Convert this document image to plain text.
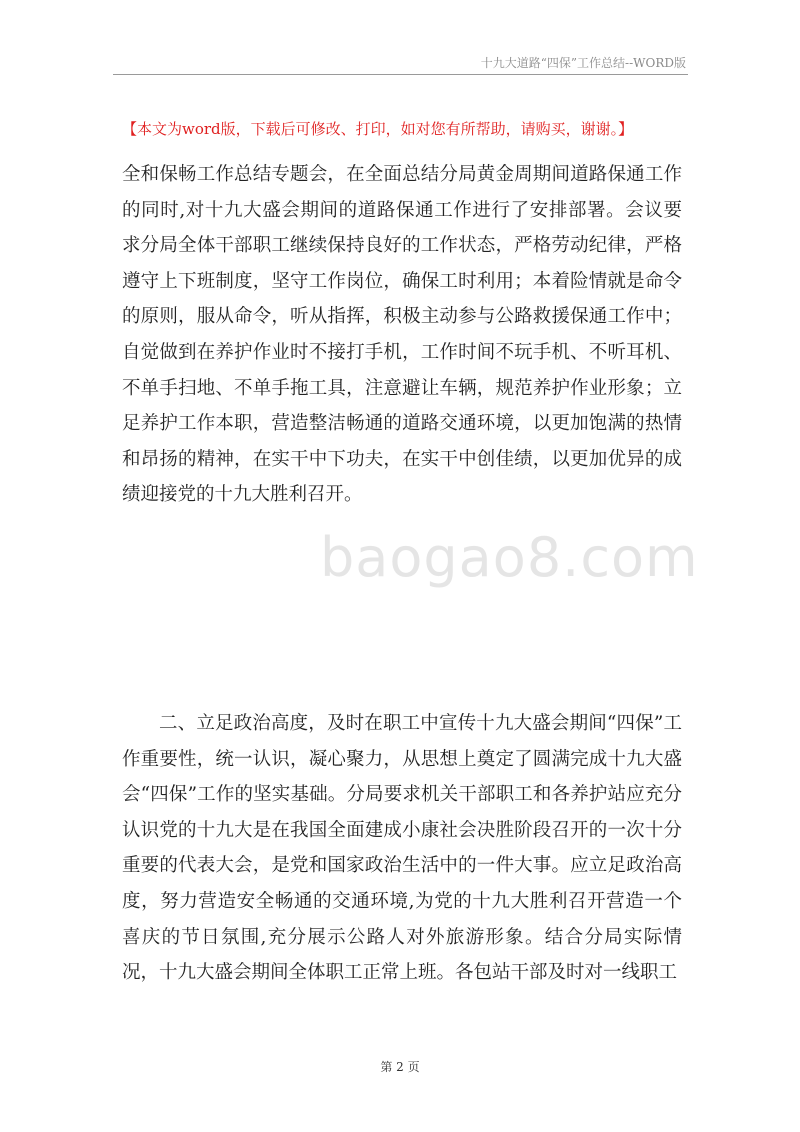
十九大道路“四保”工作总结--WORD版
【本文为word版，下载后可修改、打印，如对您有所帮助，请购买，谢谢。】

全和保畅工作总结专题会，在全面总结分局黄金周期间道路保通工作的同时,对十九大盛会期间的道路保通工作进行了安排部署。会议要求分局全体干部职工继续保持良好的工作状态，严格劳动纪律，严格遵守上下班制度，坚守工作岗位，确保工时利用；本着险情就是命令的原则，服从命令，听从指挥，积极主动参与公路救援保通工作中；自觉做到在养护作业时不接打手机，工作时间不玩手机、不听耳机、不单手扫地、不单手拖工具，注意避让车辆，规范养护作业形象；立足养护工作本职，营造整洁畅通的道路交通环境，以更加饱满的热情和昂扬的精神，在实干中下功夫，在实干中创佳绩，以更加优异的成绩迎接党的十九大胜利召开。

baogao8.com

二、立足政治高度，及时在职工中宣传十九大盛会期间“四保”工作重要性，统一认识，凝心聚力，从思想上奠定了圆满完成十九大盛会“四保”工作的坚实基础。分局要求机关干部职工和各养护站应充分认识党的十九大是在我国全面建成小康社会决胜阶段召开的一次十分重要的代表大会，是党和国家政治生活中的一件大事。应立足政治高度，努力营造安全畅通的交通环境,为党的十九大胜利召开营造一个喜庆的节日氛围,充分展示公路人对外旅游形象。结合分局实际情况，十九大盛会期间全体职工正常上班。各包站干部及时对一线职工

第 2 页
